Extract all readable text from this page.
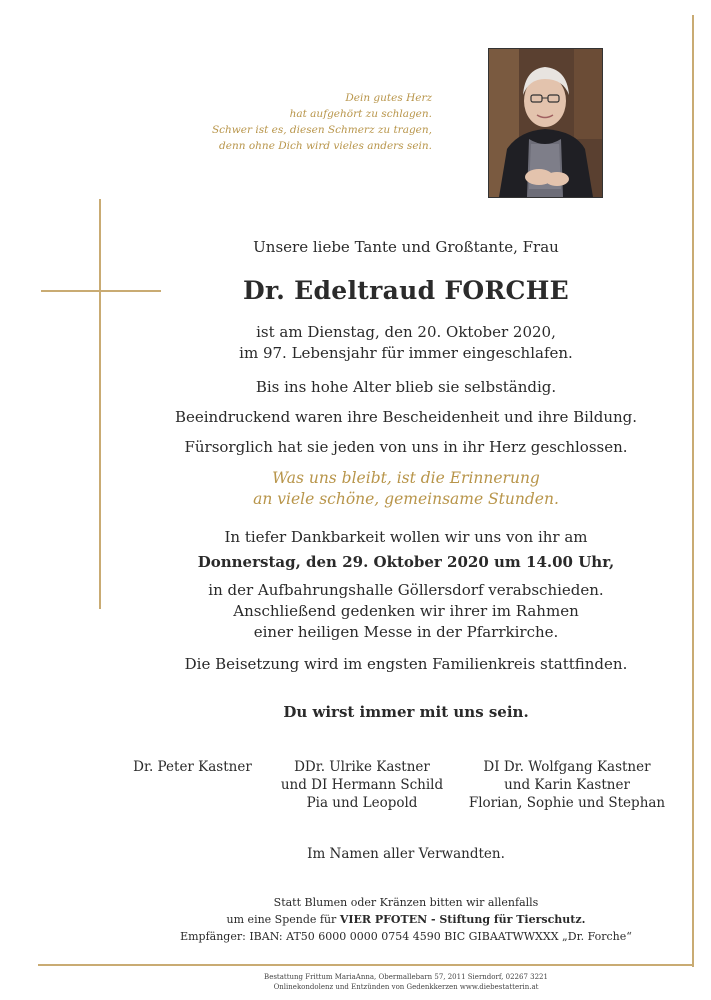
Dein gutes Herz
hat aufgehört zu schlagen.
Schwer ist es, diesen Schmerz zu tragen,
denn ohne Dich wird vieles anders sein.
Unsere liebe Tante und Großtante, Frau
Dr. Edeltraud FORCHE
ist am Dienstag, den 20. Oktober 2020,
im 97. Lebensjahr für immer eingeschlafen.
Bis ins hohe Alter blieb sie selbständig.
Beeindruckend waren ihre Bescheidenheit und ihre Bildung.
Fürsorglich hat sie jeden von uns in ihr Herz geschlossen.
Was uns bleibt, ist die Erinnerung
an viele schöne, gemeinsame Stunden.
In tiefer Dankbarkeit wollen wir uns von ihr am
Donnerstag, den 29. Oktober 2020 um 14.00 Uhr,
in der Aufbahrungshalle Göllersdorf verabschieden.
Anschließend gedenken wir ihrer im Rahmen
einer heiligen Messe in der Pfarrkirche.
Die Beisetzung wird im engsten Familienkreis stattfinden.
Du wirst immer mit uns sein.
Dr. Peter Kastner	DDr. Ulrike Kastner
und DI Hermann Schild
Pia und Leopold
DI Dr. Wolfgang Kastner
und Karin Kastner
Florian, Sophie und Stephan
Im Namen aller Verwandten.
Statt Blumen oder Kränzen bitten wir allenfalls
um eine Spende für VIER PFOTEN - Stiftung für Tierschutz.
Empfänger: IBAN: AT50 6000 0000 0754 4590 BIC GIBAATWWXXX „Dr. Forche“
Bestattung Frittum MariaAnna, Obermallebarn 57, 2011 Sierndorf, 02267 3221
Onlinekondolenz und Entzünden von Gedenkkerzen www.diebestatterin.at
